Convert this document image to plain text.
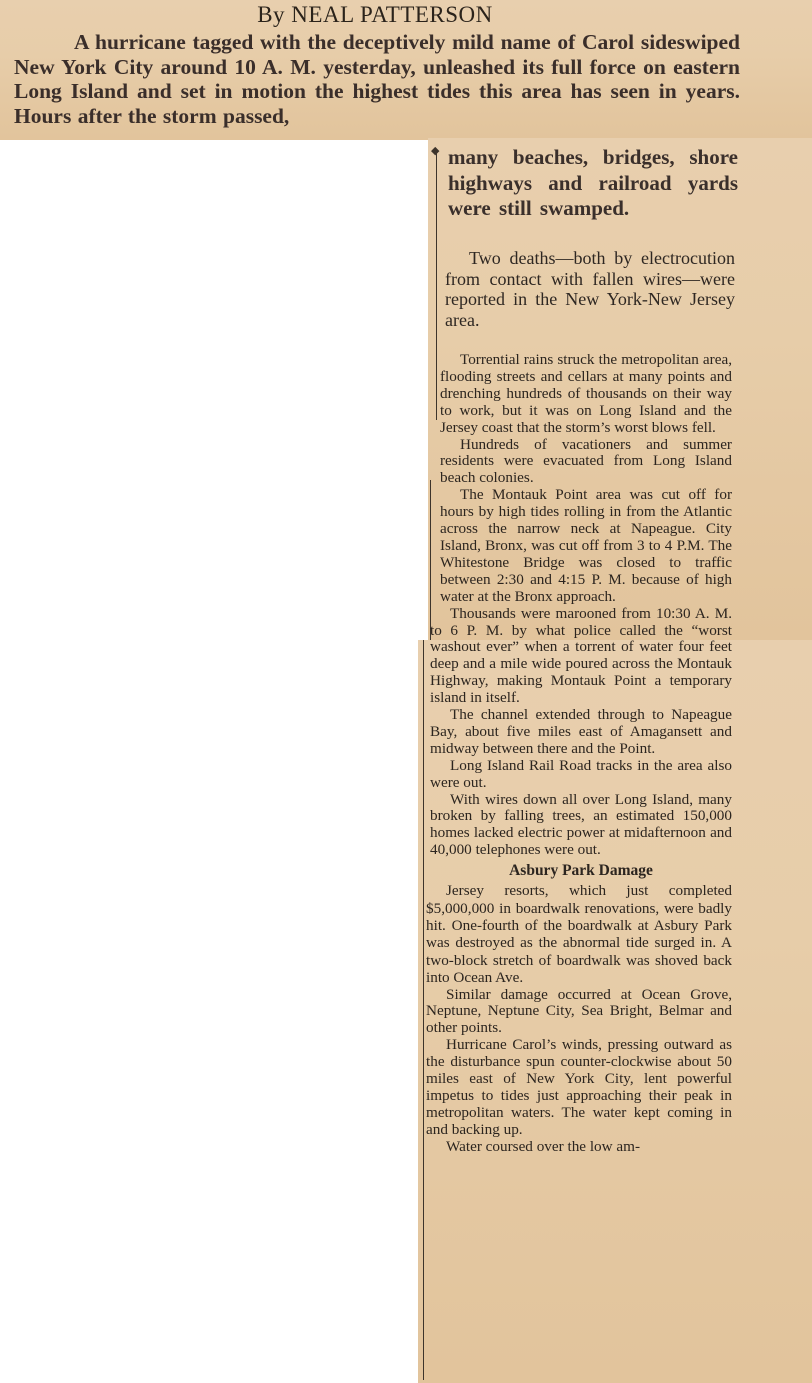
By NEAL PATTERSON

A hurricane tagged with the deceptively mild name of Carol sideswiped New York City around 10 A. M. yesterday, unleashed its full force on eastern Long Island and set in motion the highest tides this area has seen in years. Hours after the storm passed,

◆ many beaches, bridges, shore highways and railroad yards were still swamped.

Two deaths—both by electrocution from contact with fallen wires—were reported in the New York-New Jersey area.

Torrential rains struck the metropolitan area, flooding streets and cellars at many points and drenching hundreds of thousands on their way to work, but it was on Long Island and the Jersey coast that the storm’s worst blows fell.

Hundreds of vacationers and summer residents were evacuated from Long Island beach colonies.

The Montauk Point area was cut off for hours by high tides rolling in from the Atlantic across the narrow neck at Napeague. City Island, Bronx, was cut off from 3 to 4 P.M. The Whitestone Bridge was closed to traffic between 2:30 and 4:15 P. M. because of high water at the Bronx approach.

Thousands were marooned from 10:30 A. M. to 6 P. M. by what police called the “worst washout ever” when a torrent of water four feet deep and a mile wide poured across the Montauk Highway, making Montauk Point a temporary island in itself.

The channel extended through to Napeague Bay, about five miles east of Amagansett and midway between there and the Point.

Long Island Rail Road tracks in the area also were out.

With wires down all over Long Island, many broken by falling trees, an estimated 150,000 homes lacked electric power at midafternoon and 40,000 telephones were out.

Asbury Park Damage

Jersey resorts, which just completed $5,000,000 in boardwalk renovations, were badly hit. One-fourth of the boardwalk at Asbury Park was destroyed as the abnormal tide surged in. A two-block stretch of boardwalk was shoved back into Ocean Ave.

Similar damage occurred at Ocean Grove, Neptune, Neptune City, Sea Bright, Belmar and other points.

Hurricane Carol’s winds, pressing outward as the disturbance spun counter-clockwise about 50 miles east of New York City, lent powerful impetus to tides just approaching their peak in metropolitan waters. The water kept coming in and backing up.

Water coursed over the low am-
